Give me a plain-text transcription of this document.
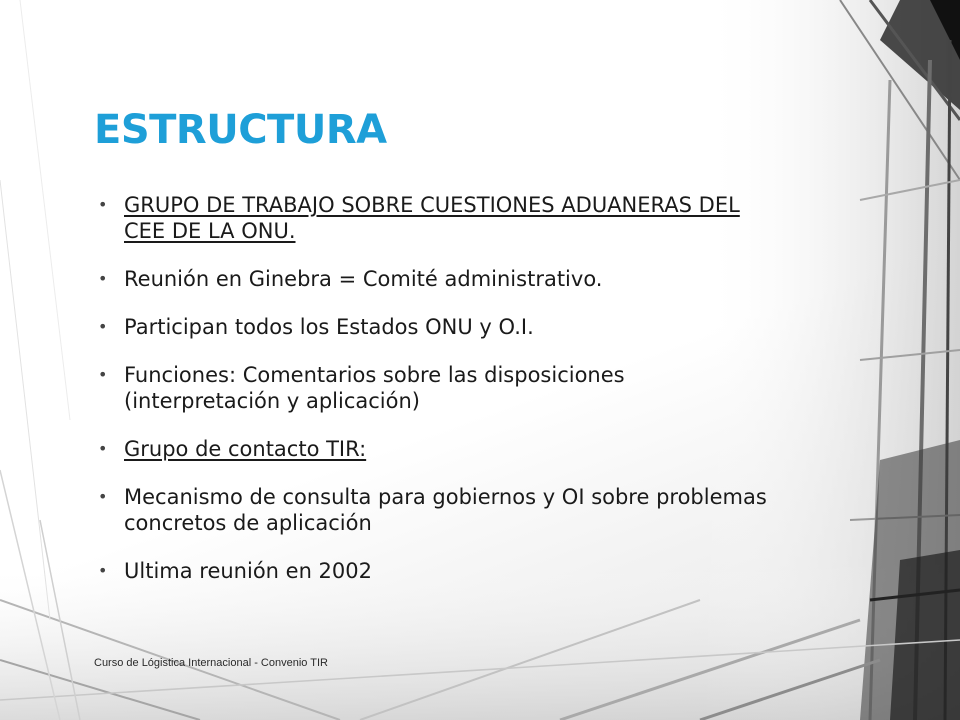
ESTRUCTURA
• GRUPO DE TRABAJO SOBRE CUESTIONES ADUANERAS DEL CEE DE LA ONU.
• Reunión en Ginebra = Comité administrativo.
• Participan todos los Estados ONU y O.I.
• Funciones: Comentarios sobre las disposiciones (interpretación y aplicación)
• Grupo de contacto TIR:
• Mecanismo de consulta para gobiernos y OI sobre problemas concretos de aplicación
• Ultima reunión en 2002
Curso de Lógistica Internacional - Convenio TIR
